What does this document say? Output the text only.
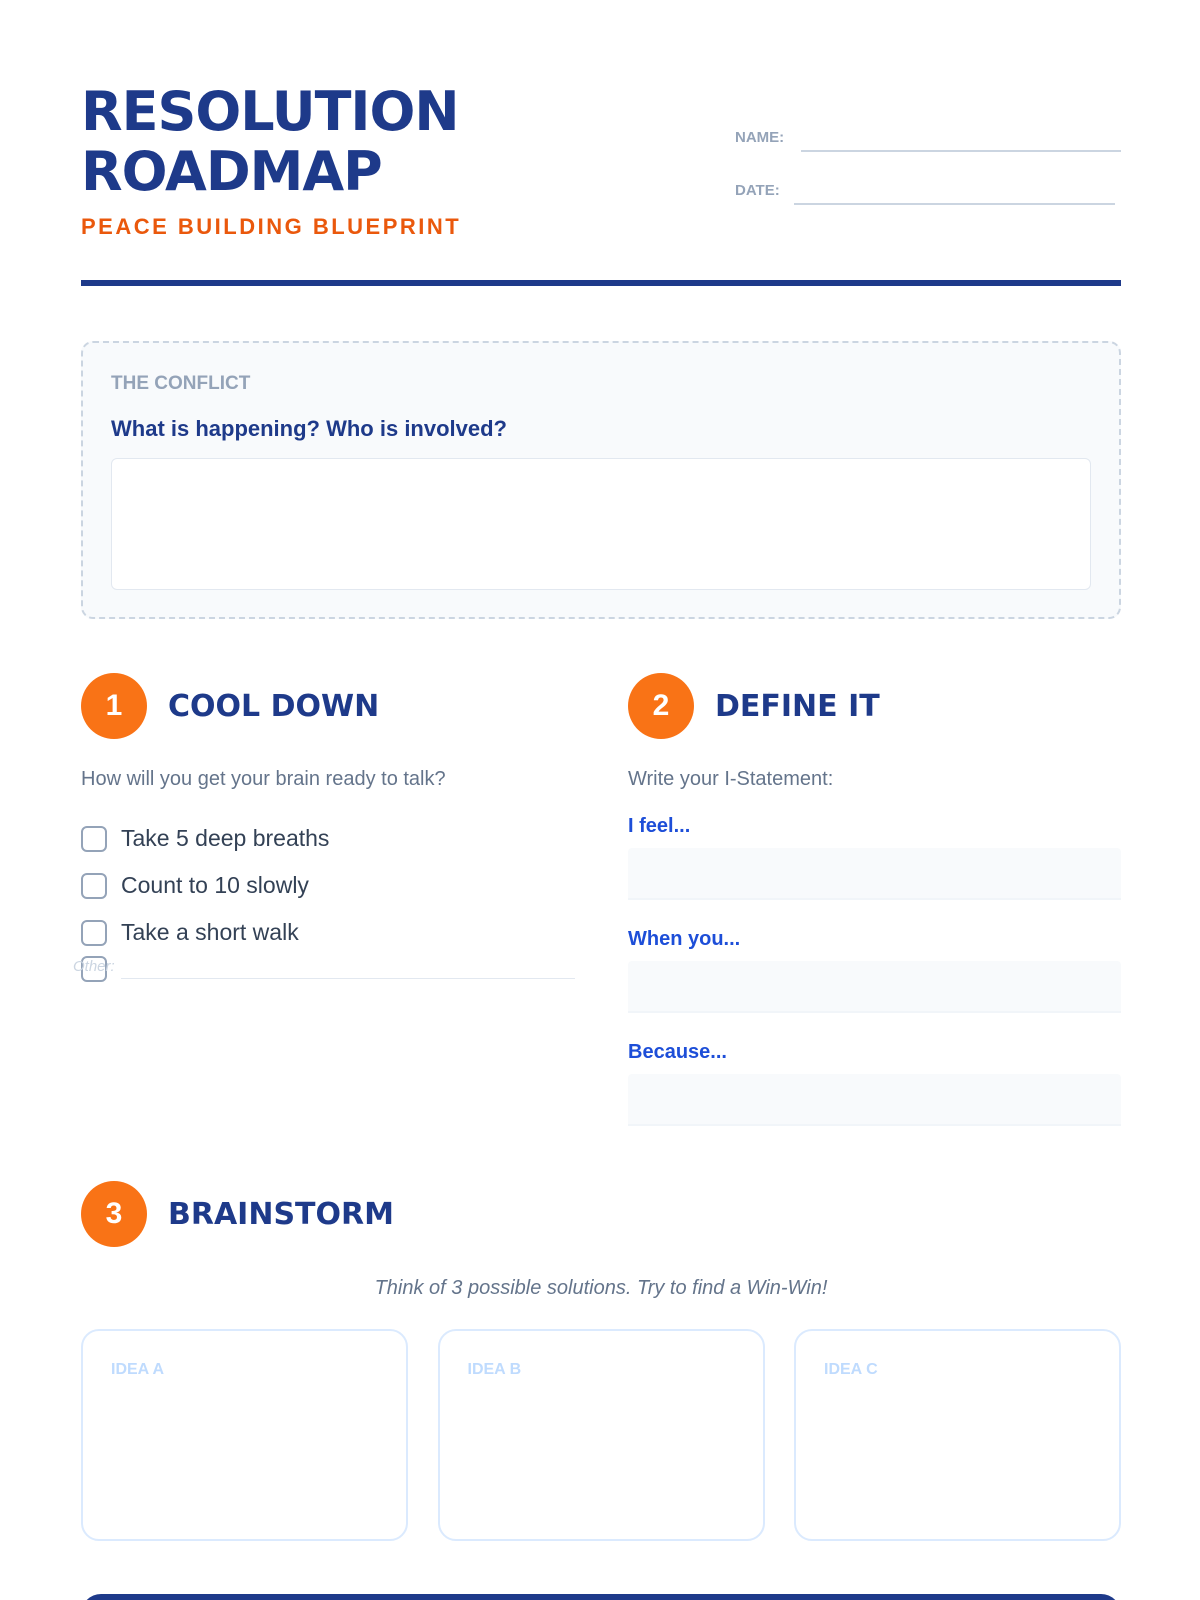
RESOLUTION
ROADMAP
PEACE BUILDING BLUEPRINT
NAME:
DATE:
THE CONFLICT
What is happening? Who is involved?
1	COOL DOWN
How will you get your brain ready to talk?
Take 5 deep breaths
Count to 10 slowly
Take a short walk
Other:
2	DEFINE IT
Write your I-Statement:
I feel...
When you...
Because...
3	BRAINSTORM
Think of 3 possible solutions. Try to find a Win-Win!
IDEA A	IDEA B	IDEA C
